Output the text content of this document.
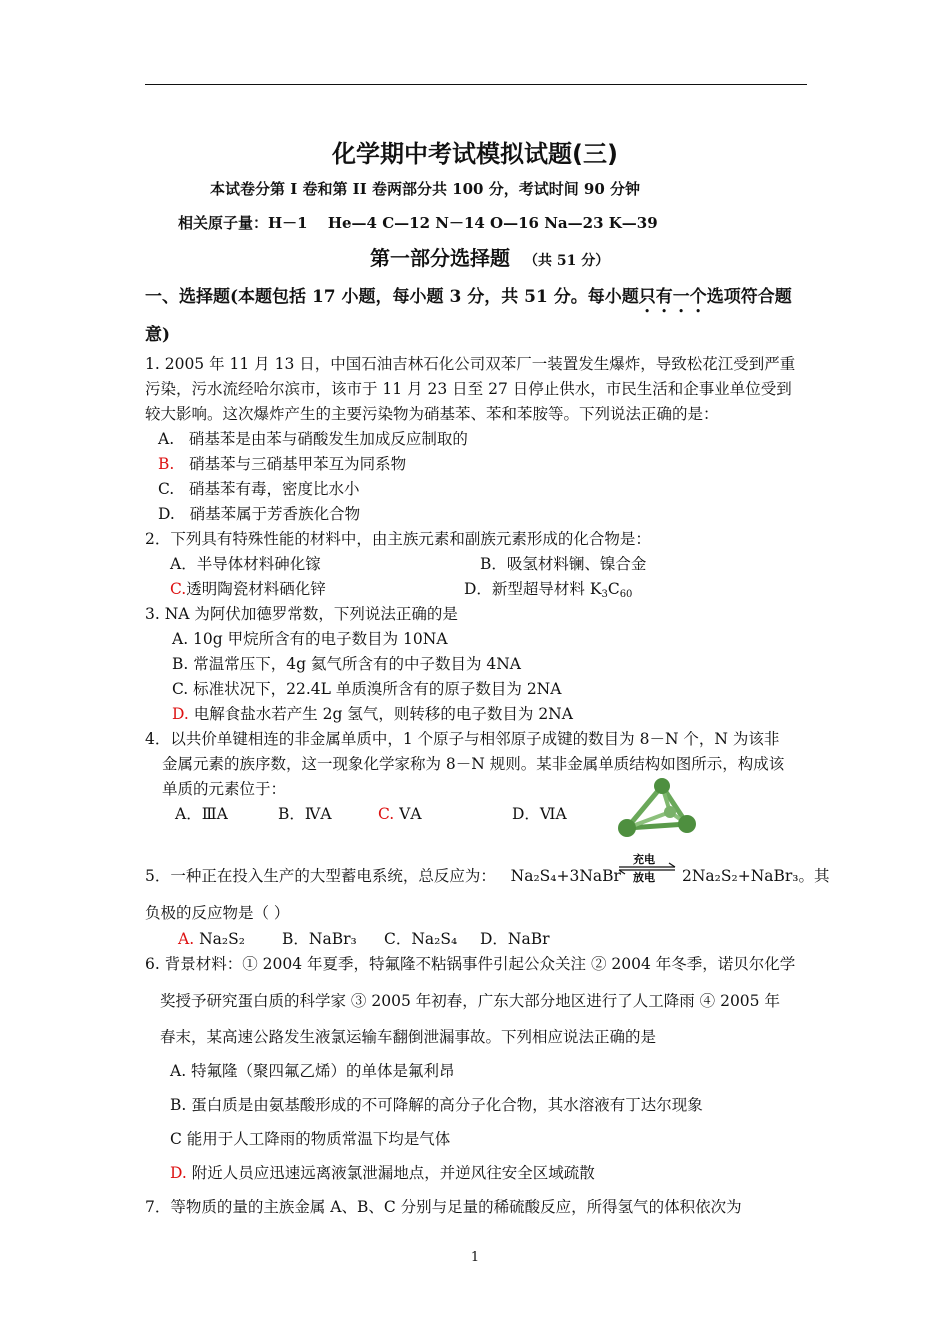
化学期中考试模拟试题(三)
本试卷分第 I 卷和第 II 卷两部分共 100 分，考试时间 90 分钟
相关原子量：H－1　 He—4 C—12 N－14 O—16 Na—23 K—39
第一部分选择题 （共 51 分）
一、选择题(本题包括 17 小题，每小题 3 分，共 51 分。每小题只有一个选项符合题
意)
1. 2005 年 11 月 13 日，中国石油吉林石化公司双苯厂一装置发生爆炸，导致松花江受到严重
污染，污水流经哈尔滨市，该市于 11 月 23 日至 27 日停止供水，市民生活和企事业单位受到
较大影响。这次爆炸产生的主要污染物为硝基苯、苯和苯胺等。下列说法正确的是：
A. 硝基苯是由苯与硝酸发生加成反应制取的
B. 硝基苯与三硝基甲苯互为同系物
C. 硝基苯有毒，密度比水小
D. 硝基苯属于芳香族化合物
2．下列具有特殊性能的材料中，由主族元素和副族元素形成的化合物是：
A．半导体材料砷化镓	B．吸氢材料镧、镍合金
C.透明陶瓷材料硒化锌	D．新型超导材料 $K_3C_{60}$
3. NA 为阿伏加德罗常数，下列说法正确的是
A. 10g 甲烷所含有的电子数目为 10NA
B. 常温常压下，4g 氦气所含有的中子数目为 4NA
C. 标准状况下，22.4L 单质溴所含有的原子数目为 2NA
D. 电解食盐水若产生 2g 氢气，则转移的电子数目为 2NA
4．以共价单键相连的非金属单质中，1 个原子与相邻原子成键的数目为 8－N 个，N 为该非
金属元素的族序数，这一现象化学家称为 8－N 规则。某非金属单质结构如图所示，构成该
单质的元素位于：
A．ⅢA	B．ⅣA	C. ⅤA	D．ⅥA
5．一种正在投入生产的大型蓄电系统，总反应为： Na₂S₄+3NaBr
充电
放电 2Na₂S₂+NaBr₃。其
负极的反应物是（ ）
A. Na₂S₂ B．NaBr₃ C．Na₂S₄ D．NaBr
6. 背景材料：① 2004 年夏季，特氟隆不粘锅事件引起公众关注 ② 2004 年冬季，诺贝尔化学
奖授予研究蛋白质的科学家 ③ 2005 年初春，广东大部分地区进行了人工降雨 ④ 2005 年
春末，某高速公路发生液氯运输车翻倒泄漏事故。下列相应说法正确的是
A. 特氟隆（聚四氟乙烯）的单体是氟利昂
B. 蛋白质是由氨基酸形成的不可降解的高分子化合物，其水溶液有丁达尔现象
C 能用于人工降雨的物质常温下均是气体
D. 附近人员应迅速远离液氯泄漏地点，并逆风往安全区域疏散
7．等物质的量的主族金属 A、B、C 分别与足量的稀硫酸反应，所得氢气的体积依次为
1
